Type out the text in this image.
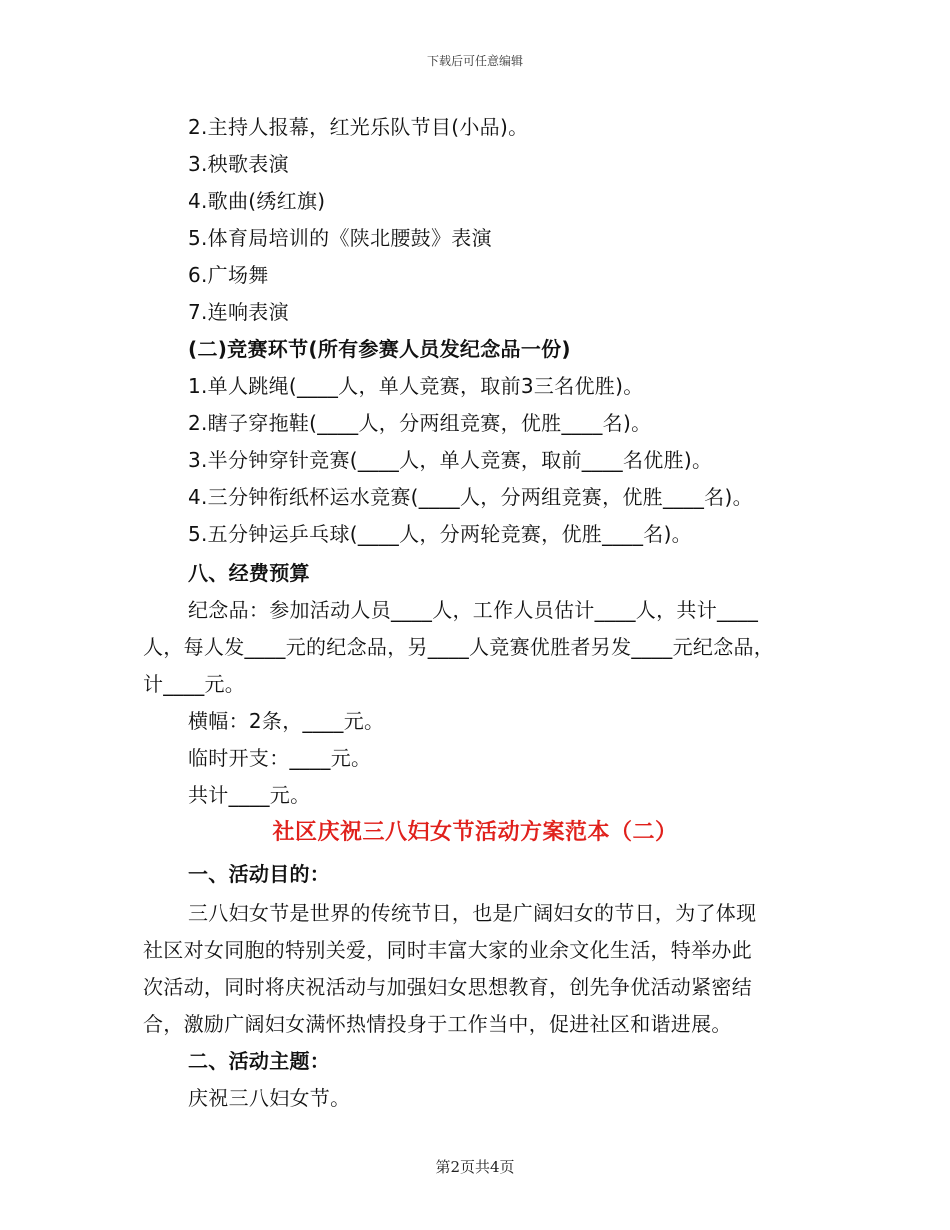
下载后可任意编辑
2.主持人报幕，红光乐队节目(小品)。
3.秧歌表演
4.歌曲(绣红旗)
5.体育局培训的《陕北腰鼓》表演
6.广场舞
7.连响表演
(二)竞赛环节(所有参赛人员发纪念品一份)
1.单人跳绳(____人，单人竞赛，取前3三名优胜)。
2.瞎子穿拖鞋(____人，分两组竞赛，优胜____名)。
3.半分钟穿针竞赛(____人，单人竞赛，取前____名优胜)。
4.三分钟衔纸杯运水竞赛(____人，分两组竞赛，优胜____名)。
5.五分钟运乒乓球(____人，分两轮竞赛，优胜____名)。
八、经费预算
纪念品：参加活动人员____人，工作人员估计____人，共计____
人，每人发____元的纪念品，另____人竞赛优胜者另发____元纪念品，
计____元。
横幅：2条，____元。
临时开支：____元。
共计____元。
社区庆祝三八妇女节活动方案范本（二）
一、活动目的：
三八妇女节是世界的传统节日，也是广阔妇女的节日，为了体现
社区对女同胞的特别关爱，同时丰富大家的业余文化生活，特举办此
次活动，同时将庆祝活动与加强妇女思想教育，创先争优活动紧密结
合，激励广阔妇女满怀热情投身于工作当中，促进社区和谐进展。
二、活动主题：
庆祝三八妇女节。
第2页共4页
